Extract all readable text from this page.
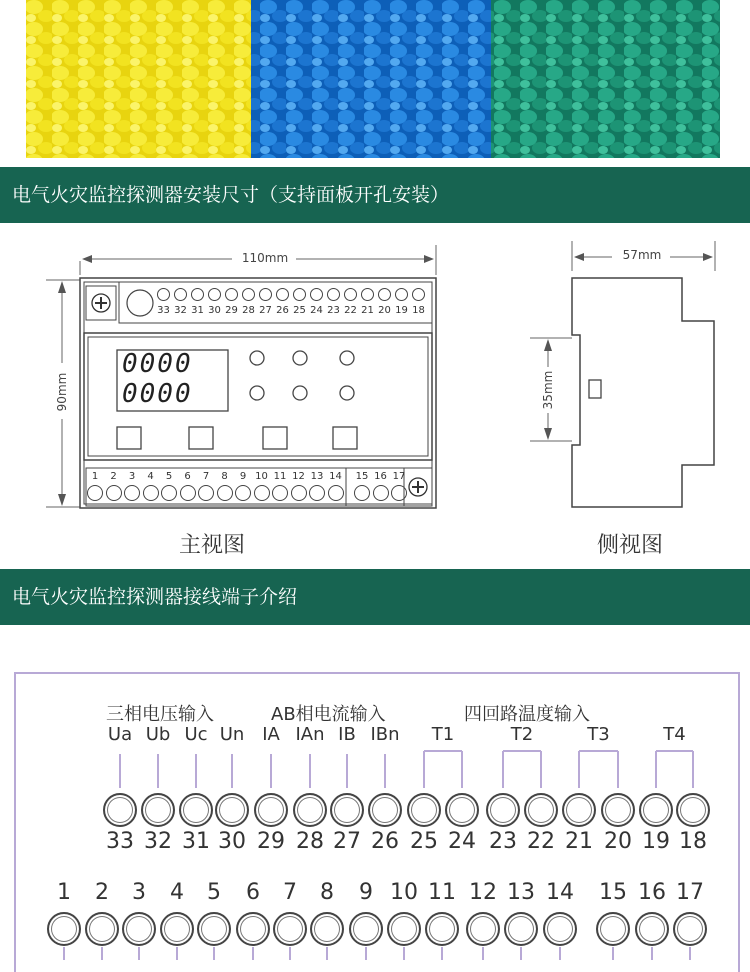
电气火灾监控探测器安装尺寸（支持面板开孔安装）
110mm
90mm
57mm
35mm
33 32 31 30 29 28 27 26 25 24 23 22 21 20 19 18
1	2	3	4	5	6	7	8	9 10 11 12 13 14	15 16 17
0000
0000
主视图	侧视图
电气火灾监控探测器接线端子介绍
三相电压输入	AB相电流输入	四回路温度输入
Ua Ub Uc Un IA IAn IB IBn	T1	T2	T3	T4
33 32 31 30 29 28 27 26 25 24 23 22 21 20 19 18
1	2	3	4	5	6	7	8	9 10 11 12 13 14 15 16 17
